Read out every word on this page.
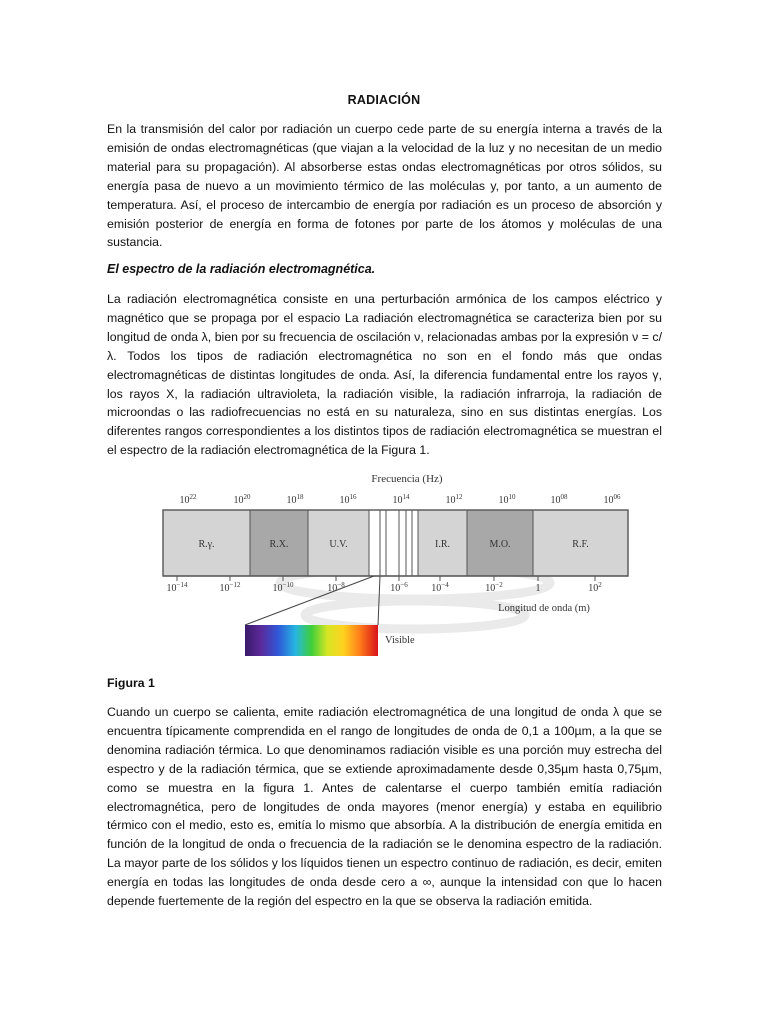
RADIACIÓN

En la transmisión del calor por radiación un cuerpo cede parte de su energía interna a través de la emisión de ondas electromagnéticas (que viajan a la velocidad de la luz y no necesitan de un medio material para su propagación). Al absorberse estas ondas electromagnéticas por otros sólidos, su energía pasa de nuevo a un movimiento térmico de las moléculas y, por tanto, a un aumento de temperatura. Así, el proceso de intercambio de energía por radiación es un proceso de absorción y emisión posterior de energía en forma de fotones por parte de los átomos y moléculas de una sustancia.

El espectro de la radiación electromagnética.

La radiación electromagnética consiste en una perturbación armónica de los campos eléctrico y magnético que se propaga por el espacio La radiación electromagnética se caracteriza bien por su longitud de onda λ, bien por su frecuencia de oscilación ν, relacionadas ambas por la expresión ν = c/λ. Todos los tipos de radiación electromagnética no son en el fondo más que ondas electromagnéticas de distintas longitudes de onda. Así, la diferencia fundamental entre los rayos γ, los rayos X, la radiación ultravioleta, la radiación visible, la radiación infrarroja, la radiación de microondas o las radiofrecuencias no está en su naturaleza, sino en sus distintas energías. Los diferentes rangos correspondientes a los distintos tipos de radiación electromagnética se muestran el el espectro de la radiación electromagnética de la Figura 1.

Frecuencia (Hz)
$10^{22}$	$10^{20}$	$10^{18}$	$10^{16}$	$10^{14}$	$10^{12}$	$10^{10}$	$10^{08}$	$10^{06}$
R.γ.	R.X.	U.V.	I.R.	M.O.	R.F.
$10^{-14}$	$10^{-12}$	$10^{-10}$	$10^{-8}$	$10^{-6}$ $10^{-4}$	$10^{-2}$	1	$10^2$
Longitud de onda (m)
Visible

Figura 1

Cuando un cuerpo se calienta, emite radiación electromagnética de una longitud de onda λ que se encuentra típicamente comprendida en el rango de longitudes de onda de 0,1 a 100µm, a la que se denomina radiación térmica. Lo que denominamos radiación visible es una porción muy estrecha del espectro y de la radiación térmica, que se extiende aproximadamente desde 0,35µm hasta 0,75µm, como se muestra en la figura 1. Antes de calentarse el cuerpo también emitía radiación electromagnética, pero de longitudes de onda mayores (menor energía) y estaba en equilibrio térmico con el medio, esto es, emitía lo mismo que absorbía. A la distribución de energía emitida en función de la longitud de onda o frecuencia de la radiación se le denomina espectro de la radiación. La mayor parte de los sólidos y los líquidos tienen un espectro continuo de radiación, es decir, emiten energía en todas las longitudes de onda desde cero a ∞, aunque la intensidad con que lo hacen depende fuertemente de la región del espectro en la que se observa la radiación emitida.
